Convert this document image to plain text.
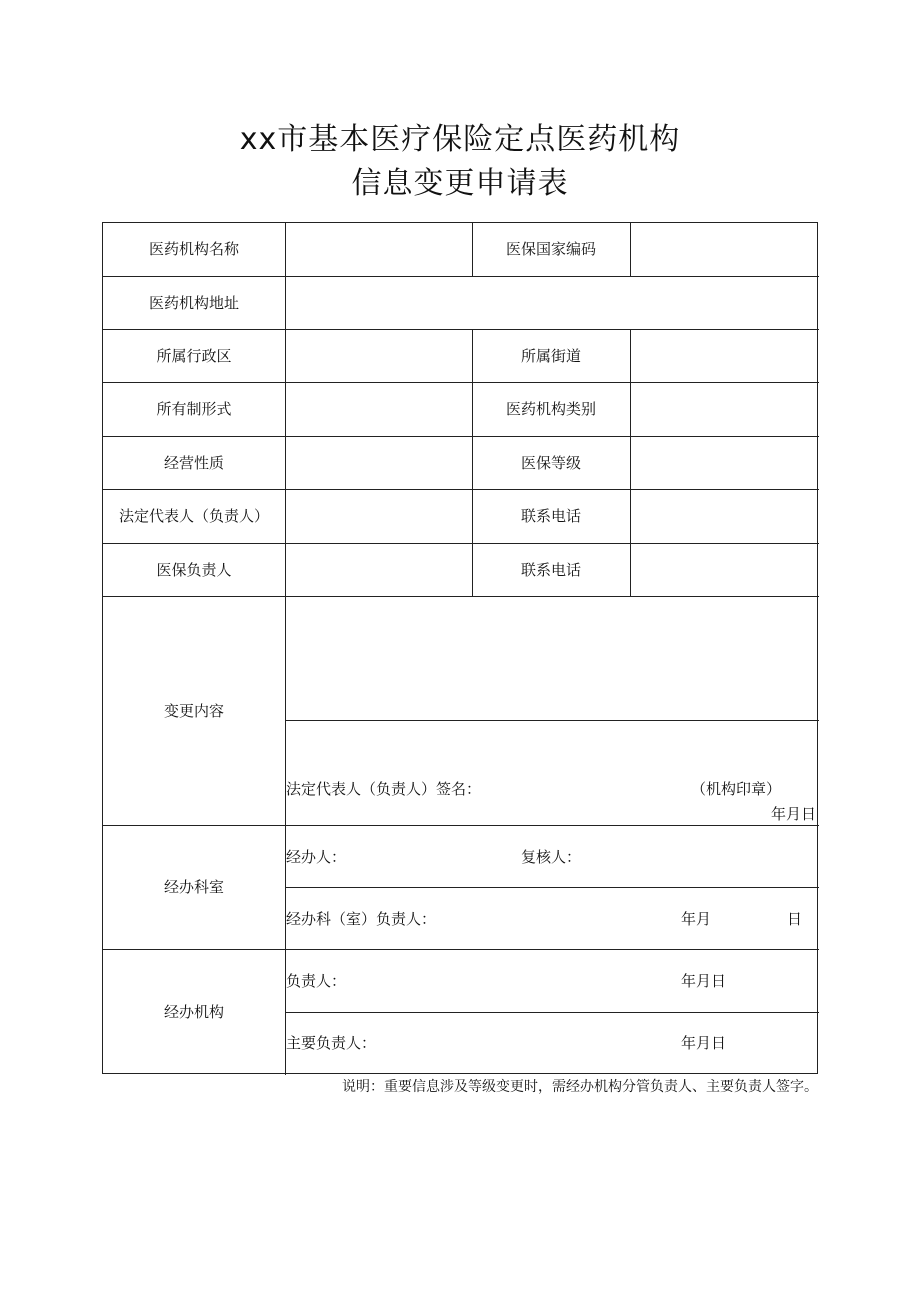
xx市基本医疗保险定点医药机构
信息变更申请表
医药机构名称	医保国家编码
医药机构地址
所属行政区	所属街道
所有制形式	医药机构类别
经营性质	医保等级
法定代表人（负责人）	联系电话
医保负责人	联系电话
变更内容
法定代表人（负责人）签名：	（机构印章）
年月日
经办科室
经办人：	复核人：
经办科（室）负责人：	年月	日
经办机构
负责人：	年月日
主要负责人：	年月日
说明：重要信息涉及等级变更时，需经办机构分管负责人、主要负责人签字。
